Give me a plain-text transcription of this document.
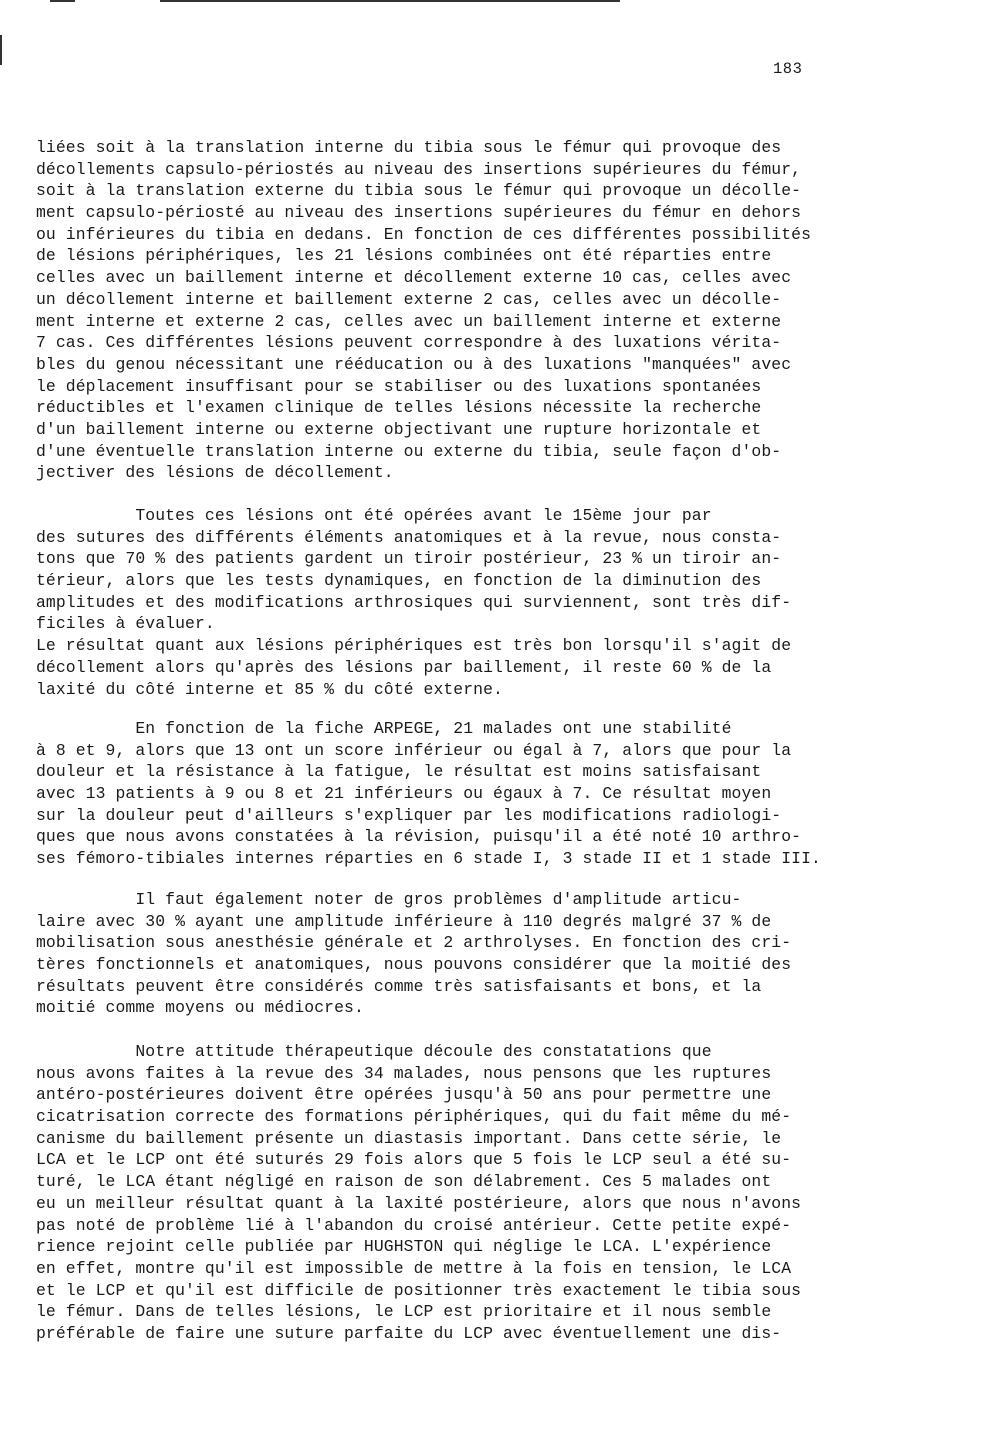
183
liées soit à la translation interne du tibia sous le fémur qui provoque des
décollements capsulo-périostés au niveau des insertions supérieures du fémur,
soit à la translation externe du tibia sous le fémur qui provoque un décolle-
ment capsulo-périosté au niveau des insertions supérieures du fémur en dehors
ou inférieures du tibia en dedans. En fonction de ces différentes possibilités
de lésions périphériques, les 21 lésions combinées ont été réparties entre
celles avec un baillement interne et décollement externe 10 cas, celles avec
un décollement interne et baillement externe 2 cas, celles avec un décolle-
ment interne et externe 2 cas, celles avec un baillement interne et externe
7 cas. Ces différentes lésions peuvent correspondre à des luxations vérita-
bles du genou nécessitant une rééducation ou à des luxations "manquées" avec
le déplacement insuffisant pour se stabiliser ou des luxations spontanées
réductibles et l'examen clinique de telles lésions nécessite la recherche
d'un baillement interne ou externe objectivant une rupture horizontale et
d'une éventuelle translation interne ou externe du tibia, seule façon d'ob-
jectiver des lésions de décollement.
Toutes ces lésions ont été opérées avant le 15ème jour par
des sutures des différents éléments anatomiques et à la revue, nous consta-
tons que 70 % des patients gardent un tiroir postérieur, 23 % un tiroir an-
térieur, alors que les tests dynamiques, en fonction de la diminution des
amplitudes et des modifications arthrosiques qui surviennent, sont très dif-
ficiles à évaluer.
Le résultat quant aux lésions périphériques est très bon lorsqu'il s'agit de
décollement alors qu'après des lésions par baillement, il reste 60 % de la
laxité du côté interne et 85 % du côté externe.
En fonction de la fiche ARPEGE, 21 malades ont une stabilité
à 8 et 9, alors que 13 ont un score inférieur ou égal à 7, alors que pour la
douleur et la résistance à la fatigue, le résultat est moins satisfaisant
avec 13 patients à 9 ou 8 et 21 inférieurs ou égaux à 7. Ce résultat moyen
sur la douleur peut d'ailleurs s'expliquer par les modifications radiologi-
ques que nous avons constatées à la révision, puisqu'il a été noté 10 arthro-
ses fémoro-tibiales internes réparties en 6 stade I, 3 stade II et 1 stade III.
Il faut également noter de gros problèmes d'amplitude articu-
laire avec 30 % ayant une amplitude inférieure à 110 degrés malgré 37 % de
mobilisation sous anesthésie générale et 2 arthrolyses. En fonction des cri-
tères fonctionnels et anatomiques, nous pouvons considérer que la moitié des
résultats peuvent être considérés comme très satisfaisants et bons, et la
moitié comme moyens ou médiocres.
Notre attitude thérapeutique découle des constatations que
nous avons faites à la revue des 34 malades, nous pensons que les ruptures
antéro-postérieures doivent être opérées jusqu'à 50 ans pour permettre une
cicatrisation correcte des formations périphériques, qui du fait même du mé-
canisme du baillement présente un diastasis important. Dans cette série, le
LCA et le LCP ont été suturés 29 fois alors que 5 fois le LCP seul a été su-
turé, le LCA étant négligé en raison de son délabrement. Ces 5 malades ont
eu un meilleur résultat quant à la laxité postérieure, alors que nous n'avons
pas noté de problème lié à l'abandon du croisé antérieur. Cette petite expé-
rience rejoint celle publiée par HUGHSTON qui néglige le LCA. L'expérience
en effet, montre qu'il est impossible de mettre à la fois en tension, le LCA
et le LCP et qu'il est difficile de positionner très exactement le tibia sous
le fémur. Dans de telles lésions, le LCP est prioritaire et il nous semble
préférable de faire une suture parfaite du LCP avec éventuellement une dis-
